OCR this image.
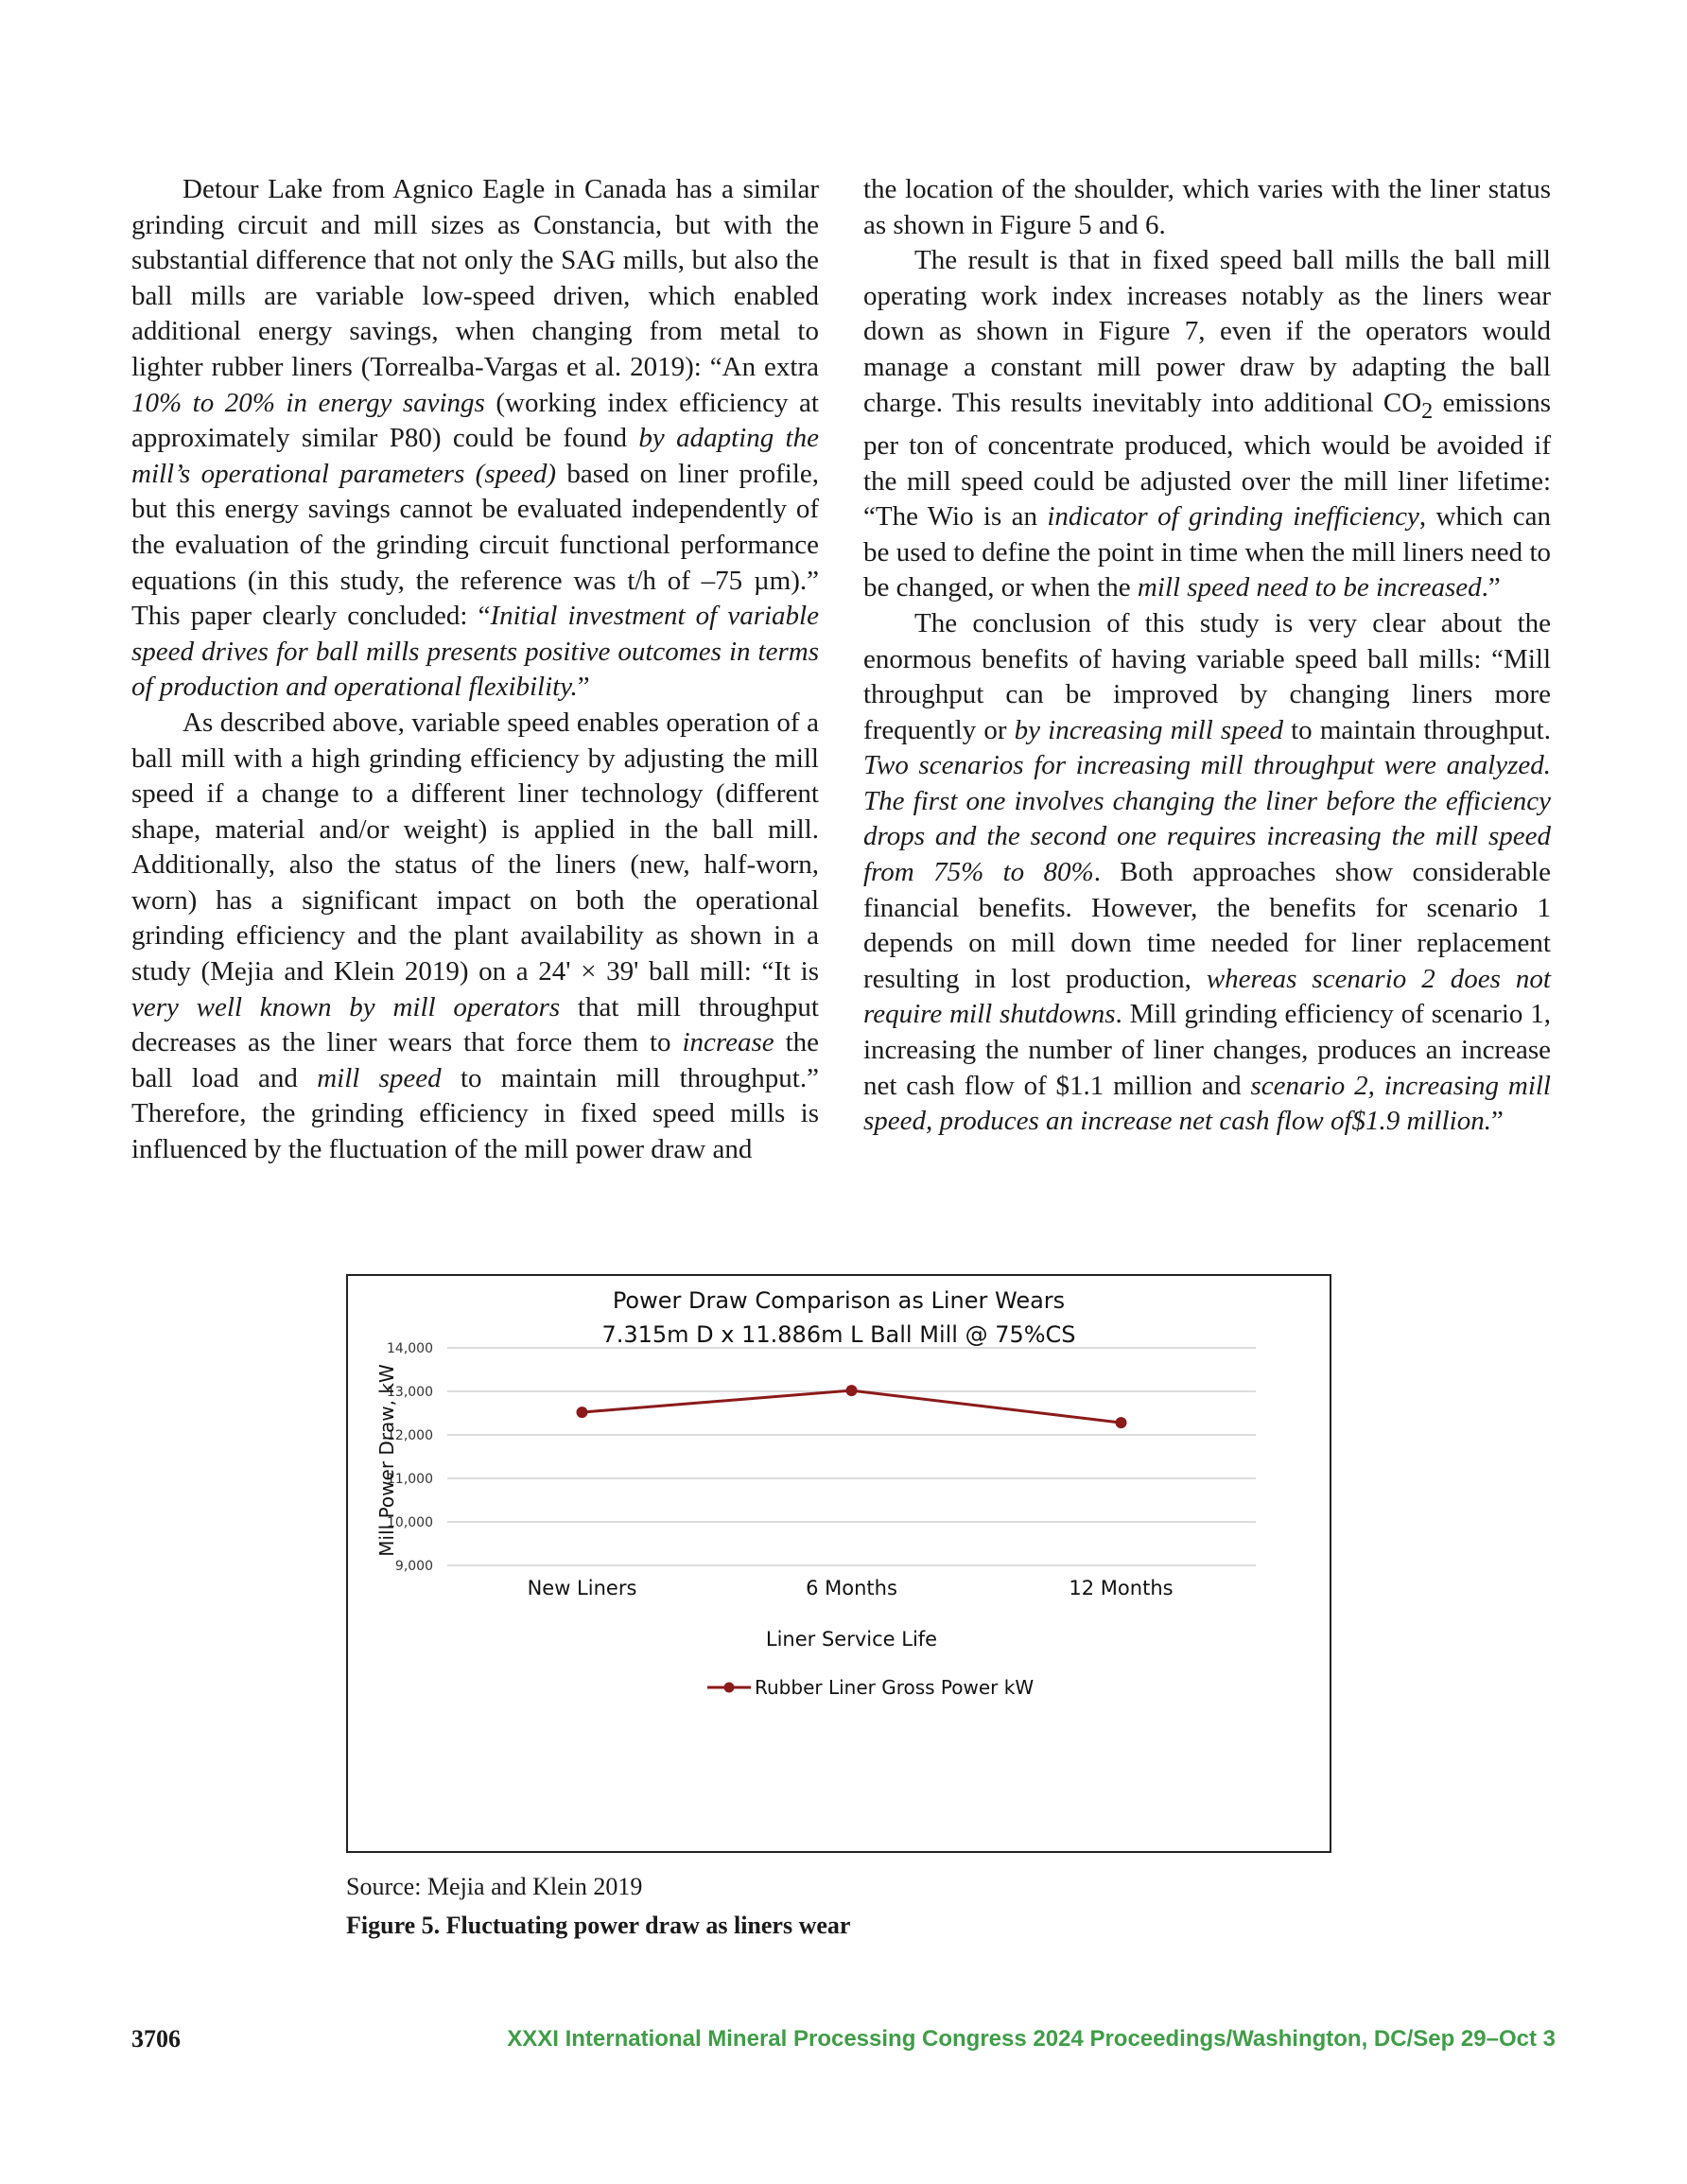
Detour Lake from Agnico Eagle in Canada has a similar grinding circuit and mill sizes as Constancia, but with the substantial difference that not only the SAG mills, but also the ball mills are variable low-speed driven, which enabled additional energy savings, when changing from metal to lighter rubber liners (Torrealba-Vargas et al. 2019): “An extra 10% to 20% in energy savings (working index efficiency at approximately similar P80) could be found by adapting the mill’s operational parameters (speed) based on liner profile, but this energy savings cannot be evaluated independently of the evaluation of the grinding circuit functional performance equations (in this study, the reference was t/h of –75 µm).” This paper clearly concluded: “Initial investment of variable speed drives for ball mills presents positive outcomes in terms of production and operational flexibility.”

As described above, variable speed enables operation of a ball mill with a high grinding efficiency by adjusting the mill speed if a change to a different liner technology (different shape, material and/or weight) is applied in the ball mill. Additionally, also the status of the liners (new, half-worn, worn) has a significant impact on both the operational grinding efficiency and the plant availability as shown in a study (Mejia and Klein 2019) on a 24' × 39' ball mill: “It is very well known by mill operators that mill throughput decreases as the liner wears that force them to increase the ball load and mill speed to maintain mill throughput.” Therefore, the grinding efficiency in fixed speed mills is influenced by the fluctuation of the mill power draw and

the location of the shoulder, which varies with the liner status as shown in Figure 5 and 6.

The result is that in fixed speed ball mills the ball mill operating work index increases notably as the liners wear down as shown in Figure 7, even if the operators would manage a constant mill power draw by adapting the ball charge. This results inevitably into additional $CO_2$ emissions per ton of concentrate produced, which would be avoided if the mill speed could be adjusted over the mill liner lifetime: “The Wio is an indicator of grinding inefficiency, which can be used to define the point in time when the mill liners need to be changed, or when the mill speed need to be increased.”

The conclusion of this study is very clear about the enormous benefits of having variable speed ball mills: “Mill throughput can be improved by changing liners more frequently or by increasing mill speed to maintain throughput. Two scenarios for increasing mill throughput were analyzed. The first one involves changing the liner before the efficiency drops and the second one requires increasing the mill speed from 75% to 80%. Both approaches show considerable financial benefits. However, the benefits for scenario 1 depends on mill down time needed for liner replacement resulting in lost production, whereas scenario 2 does not require mill shutdowns. Mill grinding efficiency of scenario 1, increasing the number of liner changes, produces an increase net cash flow of $1.1 million and scenario 2, increasing mill speed, produces an increase net cash flow of$1.9 million.”

Power Draw Comparison as Liner Wears
7.315m D x 11.886m L Ball Mill @ 75%CS
9,000
10,000
11,000
12,000
13,000
14,000
New Liners	6 Months	12 Months
Mill Power Draw, kW
Liner Service Life
Rubber Liner Gross Power kW
Source: Mejia and Klein 2019
Figure 5. Fluctuating power draw as liners wear
3706	XXXI International Mineral Processing Congress 2024 Proceedings/Washington, DC/Sep 29–Oct 3
